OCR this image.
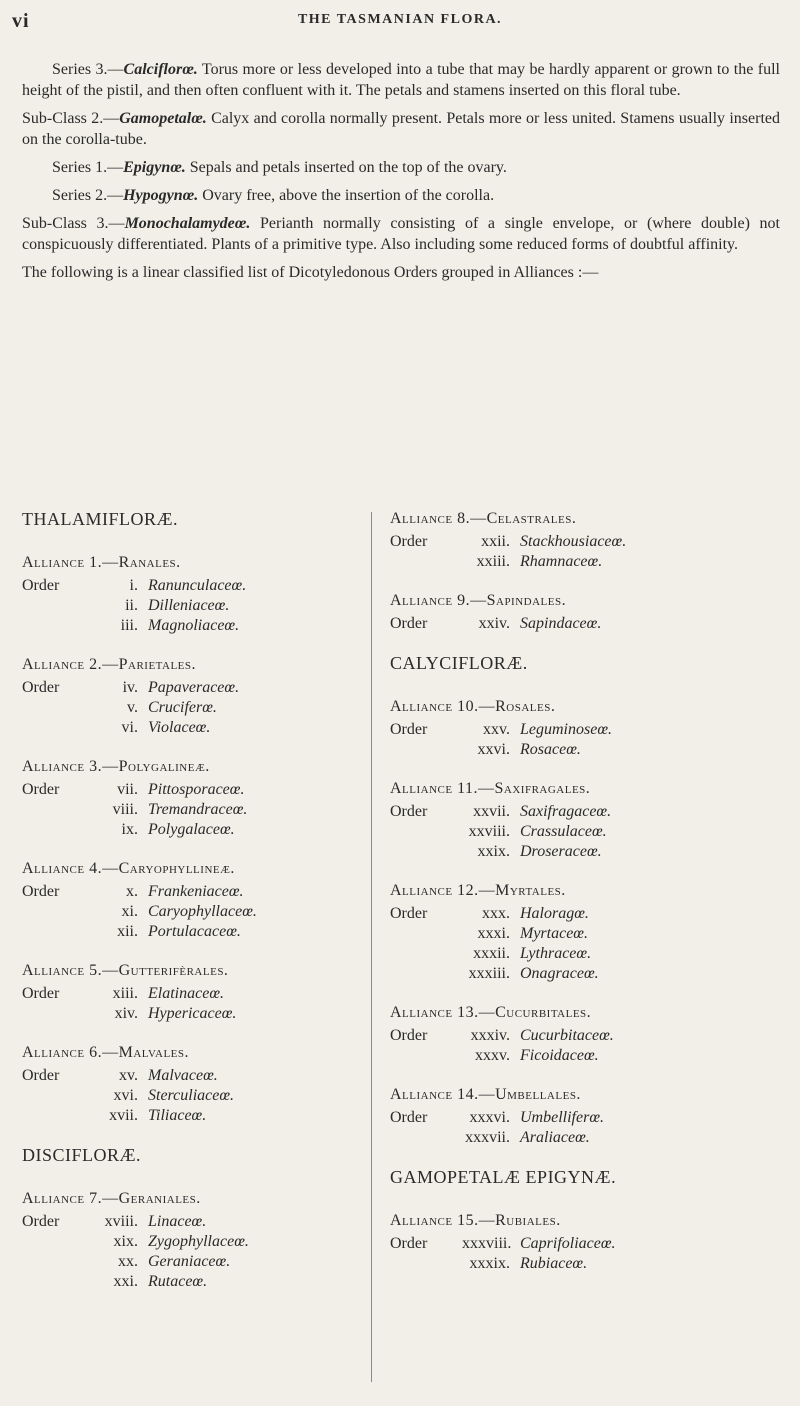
vi	THE TASMANIAN FLORA.

Series 3.—Calciflorœ. Torus more or less developed into a tube that may be hardly apparent or grown to the full height of the pistil, and then often confluent with it. The petals and stamens inserted on this floral tube.

Sub-Class 2.—Gamopetalœ. Calyx and corolla normally present. Petals more or less united. Stamens usually inserted on the corolla-tube.

Series 1.—Epigynœ. Sepals and petals inserted on the top of the ovary.

Series 2.—Hypogynœ. Ovary free, above the insertion of the corolla.

Sub-Class 3.—Monochalamydeœ. Perianth normally consisting of a single envelope, or (where double) not conspicuously differentiated. Plants of a primitive type. Also including some reduced forms of doubtful affinity.

The following is a linear classified list of Dicotyledonous Orders grouped in Alliances :—

THALAMIFLORÆ.
Alliance 1.—Ranales.
Order	i. Ranunculaceœ.
ii. Dilleniaceœ.
iii. Magnoliaceœ.
Alliance 2.—Parietales.
Order	iv. Papaveraceœ.
v. Cruciferœ.
vi. Violaceœ.
Alliance 3.—Polygalineæ.
Order	vii. Pittosporaceœ.
viii. Tremandraceœ.
ix. Polygalaceœ.
Alliance 4.—Caryophyllineæ.
Order	x. Frankeniaceœ.
xi. Caryophyllaceœ.
xii. Portulacaceœ.
Alliance 5.—Gutterifèrales.
Order	xiii. Elatinaceœ.
xiv. Hypericaceœ.
Alliance 6.—Malvales.
Order	xv. Malvaceœ.
xvi. Sterculiaceœ.
xvii. Tiliaceœ.
DISCIFLORÆ.
Alliance 7.—Geraniales.
Order	xviii. Linaceœ.
xix. Zygophyllaceœ.
xx. Geraniaceœ.
xxi. Rutaceœ.
Alliance 8.—Celastrales.
Order	xxii. Stackhousiaceœ.
xxiii. Rhamnaceœ.
Alliance 9.—Sapindales.
Order	xxiv. Sapindaceœ.
CALYCIFLORÆ.
Alliance 10.—Rosales.
Order	xxv. Leguminoseœ.
xxvi. Rosaceœ.
Alliance 11.—Saxifragales.
Order	xxvii. Saxifragaceœ.
xxviii. Crassulaceœ.
xxix. Droseraceœ.
Alliance 12.—Myrtales.
Order	xxx. Haloragœ.
xxxi. Myrtaceœ.
xxxii. Lythraceœ.
xxxiii. Onagraceœ.
Alliance 13.—Cucurbitales.
Order	xxxiv. Cucurbitaceœ.
xxxv. Ficoidaceœ.
Alliance 14.—Umbellales.
Order	xxxvi. Umbelliferœ.
xxxvii. Araliaceœ.
GAMOPETALÆ EPIGYNÆ.
Alliance 15.—Rubiales.
Order xxxviii. Caprifoliaceœ.
xxxix. Rubiaceœ.
